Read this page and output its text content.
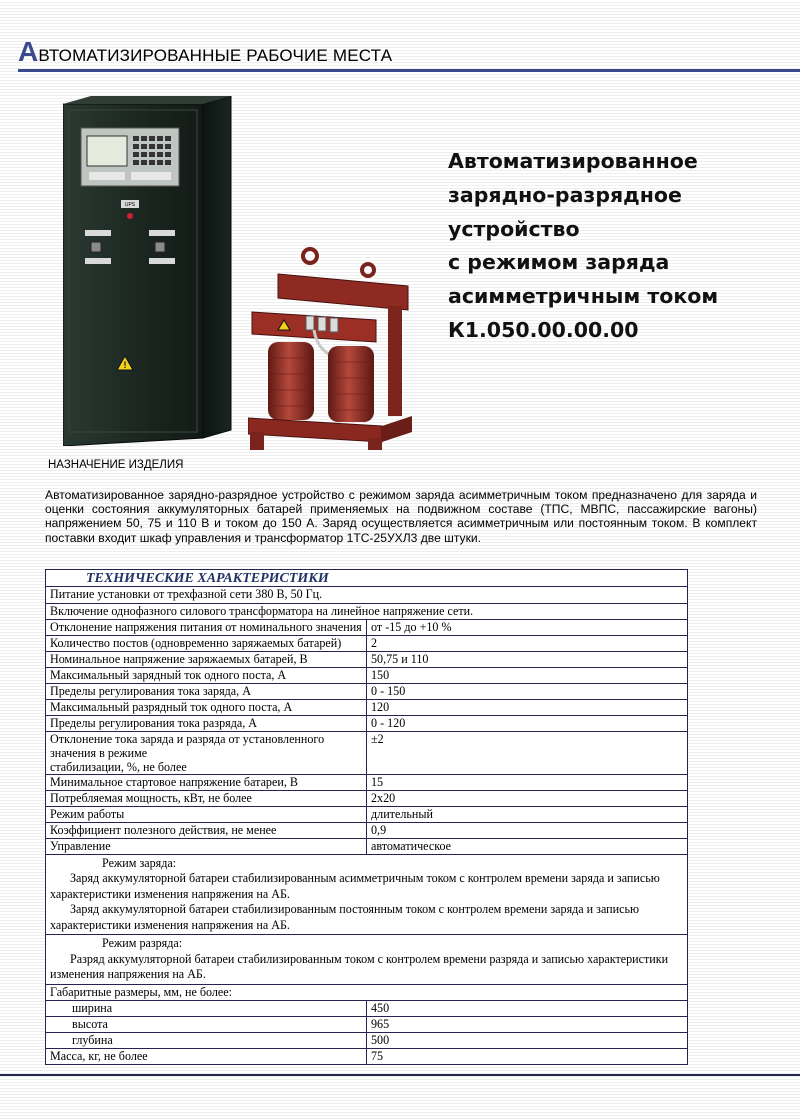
АВТОМАТИЗИРОВАННЫЕ РАБОЧИЕ МЕСТА
UPS
!
Автоматизированное
зарядно-разрядное
устройство
с режимом заряда
асимметричным током
К1.050.00.00.00
НАЗНАЧЕНИЕ ИЗДЕЛИЯ

Автоматизированное зарядно-разрядное устройство с режимом заряда асимметричным током предназначено для заряда и оценки состояния аккумуляторных батарей применяемых на подвижном составе (ТПС, МВПС, пассажирские вагоны) напряжением 50, 75 и 110 В и током до 150 А. Заряд осуществляется асимметричным или постоянным током. В комплект поставки входит шкаф управления и трансформатор 1ТС-25УХЛ3 две штуки.

ТЕХНИЧЕСКИЕ ХАРАКТЕРИСТИКИ
Питание установки от трехфазной сети 380 В, 50 Гц.	
Включение однофазного силового трансформатора на линейное напряжение сети.	
Отклонение напряжения питания от номинального значения	от -15 до +10 %
Количество постов (одновременно заряжаемых батарей)	2
Номинальное напряжение заряжаемых батарей, В	50,75 и 110
Максимальный зарядный ток одного поста, А	150
Пределы регулирования тока заряда, А	0 - 150
Максимальный разрядный ток одного поста, А	120
Пределы регулирования тока разряда, А	0 - 120
Отклонение тока заряда и разряда от установленного значения в режиме
стабилизации, %, не более	±2
Минимальное стартовое напряжение батареи, В	15
Потребляемая мощность, кВт, не более	2х20
Режим работы	длительный
Коэффициент полезного действия, не менее	0,9
Управление	автоматическое

Режим заряда:
Заряд аккумуляторной батареи стабилизированным асимметричным током с контролем времени заряда и записью характеристики изменения напряжения на АБ.
Заряд аккумуляторной батареи стабилизированным постоянным током с контролем времени заряда и записью характеристики изменения напряжения на АБ.	

Режим разряда:
Разряд аккумуляторной батареи стабилизированным током с контролем времени разряда и записью характеристики изменения напряжения на АБ.	

Габаритные размеры, мм, не более:	
ширина	450
высота	965
глубина	500
Масса, кг, не более	75
